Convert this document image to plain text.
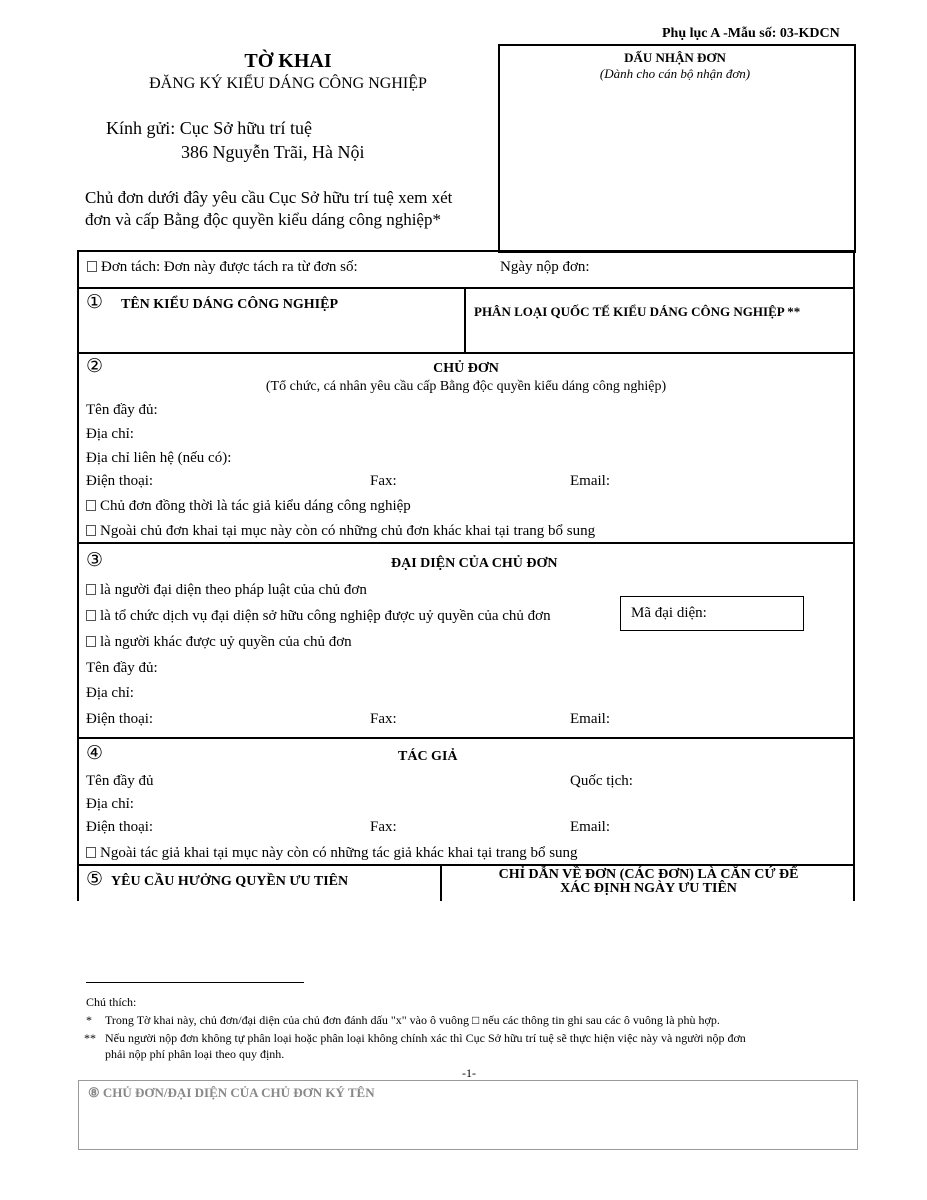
Phụ lục A -Mẫu số: 03-KDCN
TỜ KHAI
ĐĂNG KÝ KIỂU DÁNG CÔNG NGHIỆP
Kính gửi: Cục Sở hữu trí tuệ
386 Nguyễn Trãi, Hà Nội
Chủ đơn dưới đây yêu cầu Cục Sở hữu trí tuệ xem xét
đơn và cấp Bằng độc quyền kiểu dáng công nghiệp*
DẤU NHẬN ĐƠN
(Dành cho cán bộ nhận đơn)
Đơn tách: Đơn này được tách ra từ đơn số:	Ngày nộp đơn:
① TÊN KIỂU DÁNG CÔNG NGHIỆP	PHÂN LOẠI QUỐC TẾ KIỂU DÁNG CÔNG NGHIỆP **
②	CHỦ ĐƠN
(Tổ chức, cá nhân yêu cầu cấp Bằng độc quyền kiểu dáng công nghiệp)
Tên đầy đủ:
Địa chỉ:
Địa chỉ liên hệ (nếu có):
Điện thoại:	Fax:	Email:
Chủ đơn đồng thời là tác giả kiểu dáng công nghiệp
Ngoài chủ đơn khai tại mục này còn có những chủ đơn khác khai tại trang bổ sung
③	ĐẠI DIỆN CỦA CHỦ ĐƠN
là người đại diện theo pháp luật của chủ đơn
là tổ chức dịch vụ đại diện sở hữu công nghiệp được uỷ quyền của chủ đơn
là người khác được uỷ quyền của chủ đơn
Mã đại diện:
Tên đầy đủ:
Địa chỉ:
Điện thoại:	Fax:	Email:
④	TÁC GIẢ
Tên đầy đủ	Quốc tịch:
Địa chỉ:
Điện thoại:	Fax:	Email:
Ngoài tác giả khai tại mục này còn có những tác giả khác khai tại trang bổ sung
⑤ YÊU CẦU HƯỞNG QUYỀN ƯU TIÊN	CHỈ DẪN VỀ ĐƠN (CÁC ĐƠN) LÀ CĂN CỨ ĐỂ
XÁC ĐỊNH NGÀY ƯU TIÊN
Chú thích:
* Trong Tờ khai này, chủ đơn/đại diện của chủ đơn đánh dấu "x" vào ô vuông □ nếu các thông tin ghi sau các ô vuông là phù hợp.
** Nếu người nộp đơn không tự phân loại hoặc phân loại không chính xác thì Cục Sở hữu trí tuệ sẽ thực hiện việc này và người nộp đơn
phải nộp phí phân loại theo quy định.
-1-
⑧ CHỦ ĐƠN/ĐẠI DIỆN CỦA CHỦ ĐƠN KÝ TÊN
